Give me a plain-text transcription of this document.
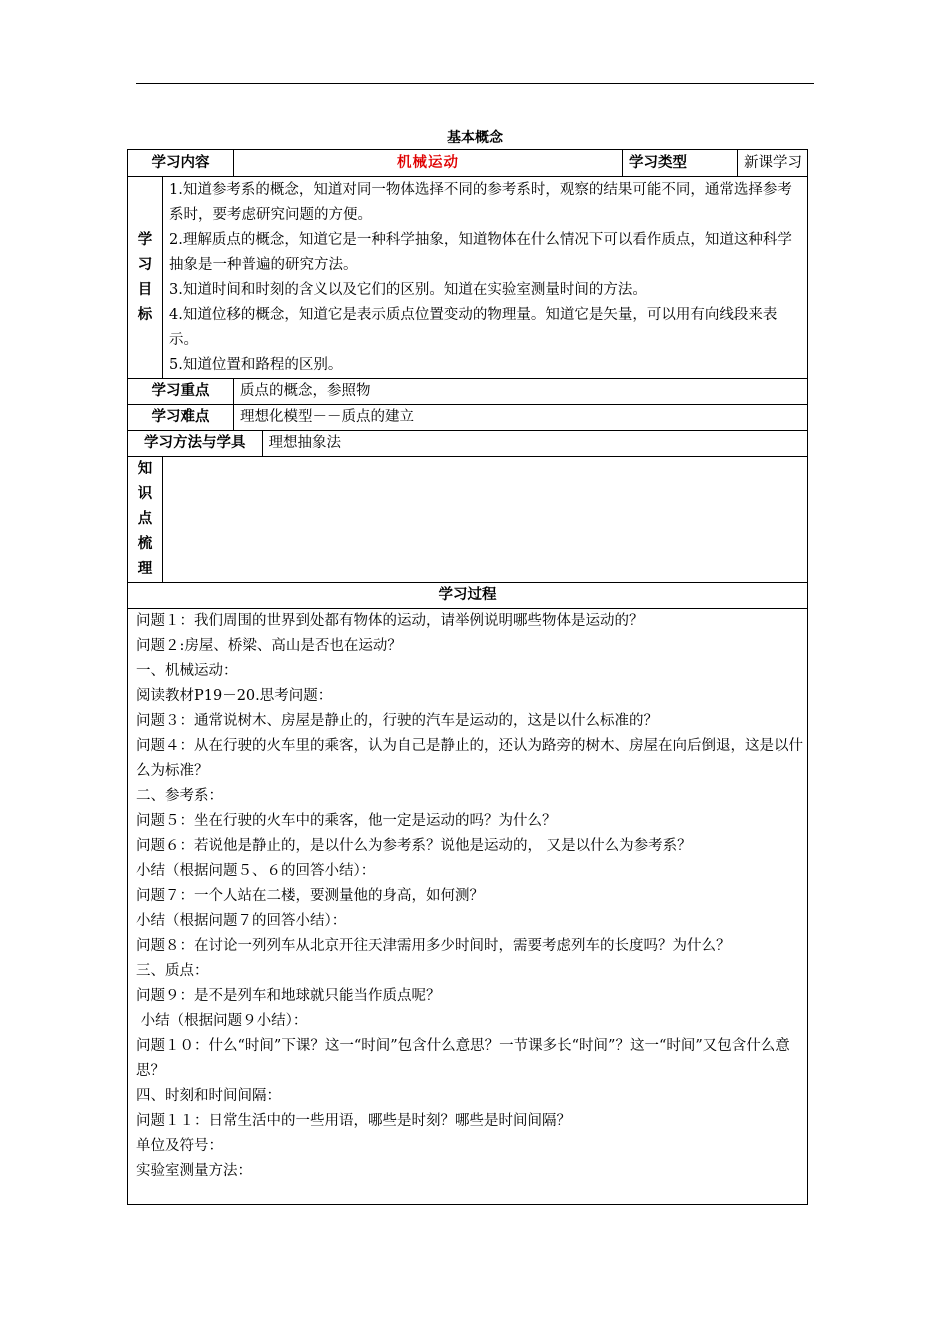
基本概念
学习内容	机械运动	学习类型	新课学习

学
习
目
标

1.知道参考系的概念，知道对同一物体选择不同的参考系时，观察的结果可能不同，通常选择参考系时，要考虑研究问题的方便。

2.理解质点的概念，知道它是一种科学抽象，知道物体在什么情况下可以看作质点，知道这种科学抽象是一种普遍的研究方法。

3.知道时间和时刻的含义以及它们的区别。知道在实验室测量时间的方法。

4.知道位移的概念，知道它是表示质点位置变动的物理量。知道它是矢量，可以用有向线段来表示。

5.知道位置和路程的区别。

学习重点	质点的概念，参照物
学习难点	理想化模型－－质点的建立

学习方法与学具	理想抽象法

知
识
点
梳
理

学习过程

问题１：我们周围的世界到处都有物体的运动，请举例说明哪些物体是运动的？

问题２:房屋、桥梁、高山是否也在运动？

一、机械运动：

阅读教材P19－20.思考问题：

问题３：通常说树木、房屋是静止的，行驶的汽车是运动的，这是以什么标准的？

问题４：从在行驶的火车里的乘客，认为自己是静止的，还认为路旁的树木、房屋在向后倒退，这是以什么为标准？

二、参考系：

问题５：坐在行驶的火车中的乘客，他一定是运动的吗？为什么？

问题６：若说他是静止的，是以什么为参考系？说他是运动的， 又是以什么为参考系？

小结（根据问题５、６的回答小结）：

问题７：一个人站在二楼，要测量他的身高，如何测？

小结（根据问题７的回答小结）：

问题８：在讨论一列列车从北京开往天津需用多少时间时，需要考虑列车的长度吗？为什么？

三、质点：

问题９：是不是列车和地球就只能当作质点呢？

小结（根据问题９小结）：

问题１０：什么“时间”下课？这一“时间”包含什么意思？一节课多长“时间”？这一“时间”又包含什么意思？

四、时刻和时间间隔：

问题１１：日常生活中的一些用语，哪些是时刻？哪些是时间间隔？

单位及符号：

实验室测量方法：
